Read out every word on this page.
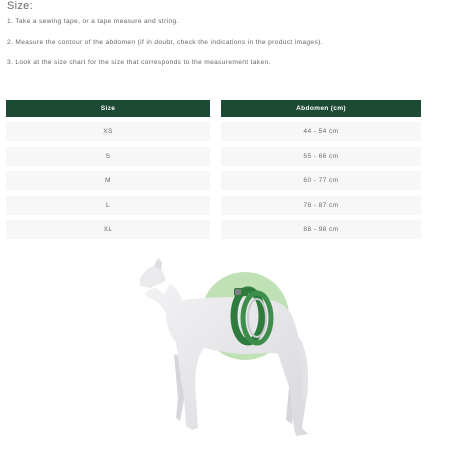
Size:
1. Take a sewing tape, or a tape measure and string.
2. Measure the contour of the abdomen (if in doubt, check the indications in the product images).
3. Look at the size chart for the size that corresponds to the measurement taken.
Size
XS
S
M
L
XL
Abdomen (cm)
44 - 54 cm
55 - 66 cm
60 - 77 cm
78 - 87 cm
88 - 98 cm
